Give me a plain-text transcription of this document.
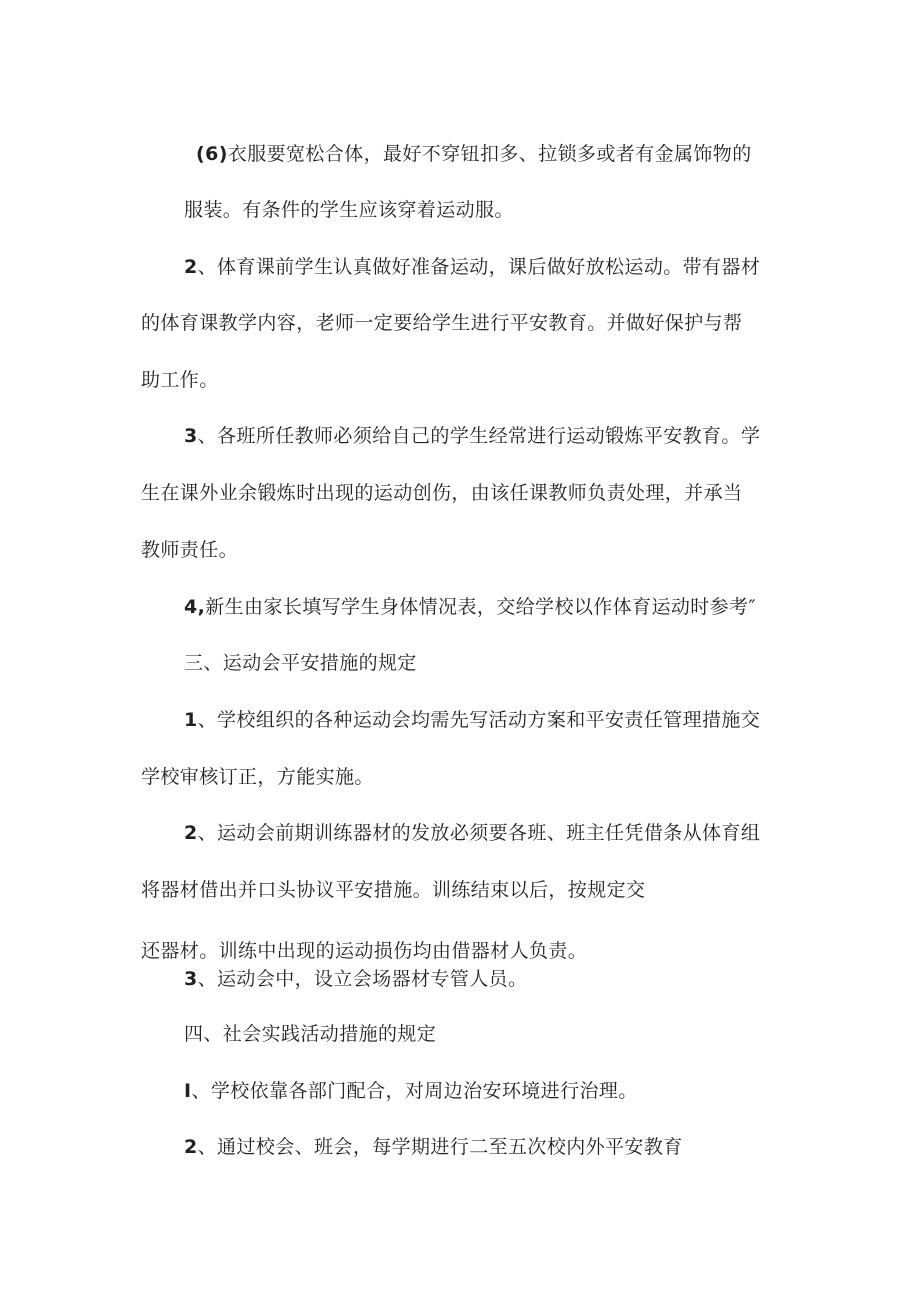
(6)衣服要宽松合体，最好不穿钮扣多、拉锁多或者有金属饰物的

服装。有条件的学生应该穿着运动服。

2、体育课前学生认真做好准备运动，课后做好放松运动。带有器材

的体育课教学内容，老师一定要给学生进行平安教育。并做好保护与帮

助工作。

3、各班所任教师必须给自己的学生经常进行运动锻炼平安教育。学

生在课外业余锻炼时出现的运动创伤，由该任课教师负责处理，并承当

教师责任。

4,新生由家长填写学生身体情况表，交给学校以作体育运动时参考″

三、运动会平安措施的规定

1、学校组织的各种运动会均需先写活动方案和平安责任管理措施交

学校审核订正，方能实施。

2、运动会前期训练器材的发放必须要各班、班主任凭借条从体育组

将器材借出并口头协议平安措施。训练结束以后，按规定交

还器材。训练中出现的运动损伤均由借器材人负责。

3、运动会中，设立会场器材专管人员。

四、社会实践活动措施的规定

I、学校依靠各部门配合，对周边治安环境进行治理。

2、通过校会、班会，每学期进行二至五次校内外平安教育
